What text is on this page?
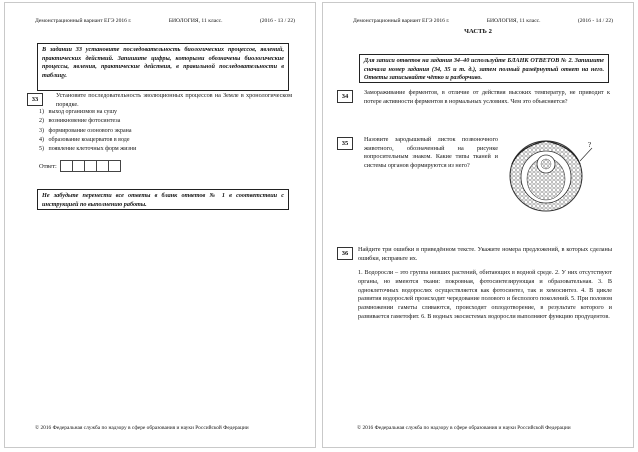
Демонстрационный вариант ЕГЭ 2016 г.	БИОЛОГИЯ, 11 класс.	(2016 - 13 / 22)
В задании 33 установите последовательность биологических процессов, явлений, практических действий. Запишите цифры, которыми обозначены биологические процессы, явления, практические действия, в правильной последовательности в таблицу.
33
Установите последовательность эволюционных процессов на Земле в хронологическом порядке.
1) выход организмов на сушу
2) возникновение фотосинтеза
3) формирование озонового экрана
4) образование коацерватов в воде
5) появление клеточных форм жизни
Ответ:
Не забудьте перенести все ответы в бланк ответов № 1 в соответствии с инструкцией по выполнению работы.
© 2016 Федеральная служба по надзору в сфере образования и науки Российской Федерации
Демонстрационный вариант ЕГЭ 2016 г.	БИОЛОГИЯ, 11 класс.	(2016 - 14 / 22)
ЧАСТЬ 2
Для записи ответов на задания 34–40 используйте БЛАНК ОТВЕТОВ № 2. Запишите сначала номер задания (34, 35 и т. д.), затем полный развёрнутый ответ на него. Ответы записывайте чётко и разборчиво.
34
Замораживание ферментов, в отличие от действия высоких температур, не приводит к потере активности ферментов в нормальных условиях. Чем это объясняется?
35
Назовите зародышевый листок позвоночного животного, обозначенный на рисунке вопросительным знаком. Какие типы тканей и системы органов формируются из него?
?
36
Найдите три ошибки в приведённом тексте. Укажите номера предложений, в которых сделаны ошибки, исправьте их.
1. Водоросли – это группа низших растений, обитающих в водной среде. 2. У них отсутствуют органы, но имеются ткани: покровная, фотосинтезирующая и образовательная. 3. В одноклеточных водорослях осуществляется как фотосинтез, так и хемосинтез. 4. В цикле развития водорослей происходит чередование полового и бесполого поколений. 5. При половом размножении гаметы сливаются, происходит оплодотворение, в результате которого и развивается гаметофит. 6. В водных экосистемах водоросли выполняют функцию продуцентов.
© 2016 Федеральная служба по надзору в сфере образования и науки Российской Федерации
